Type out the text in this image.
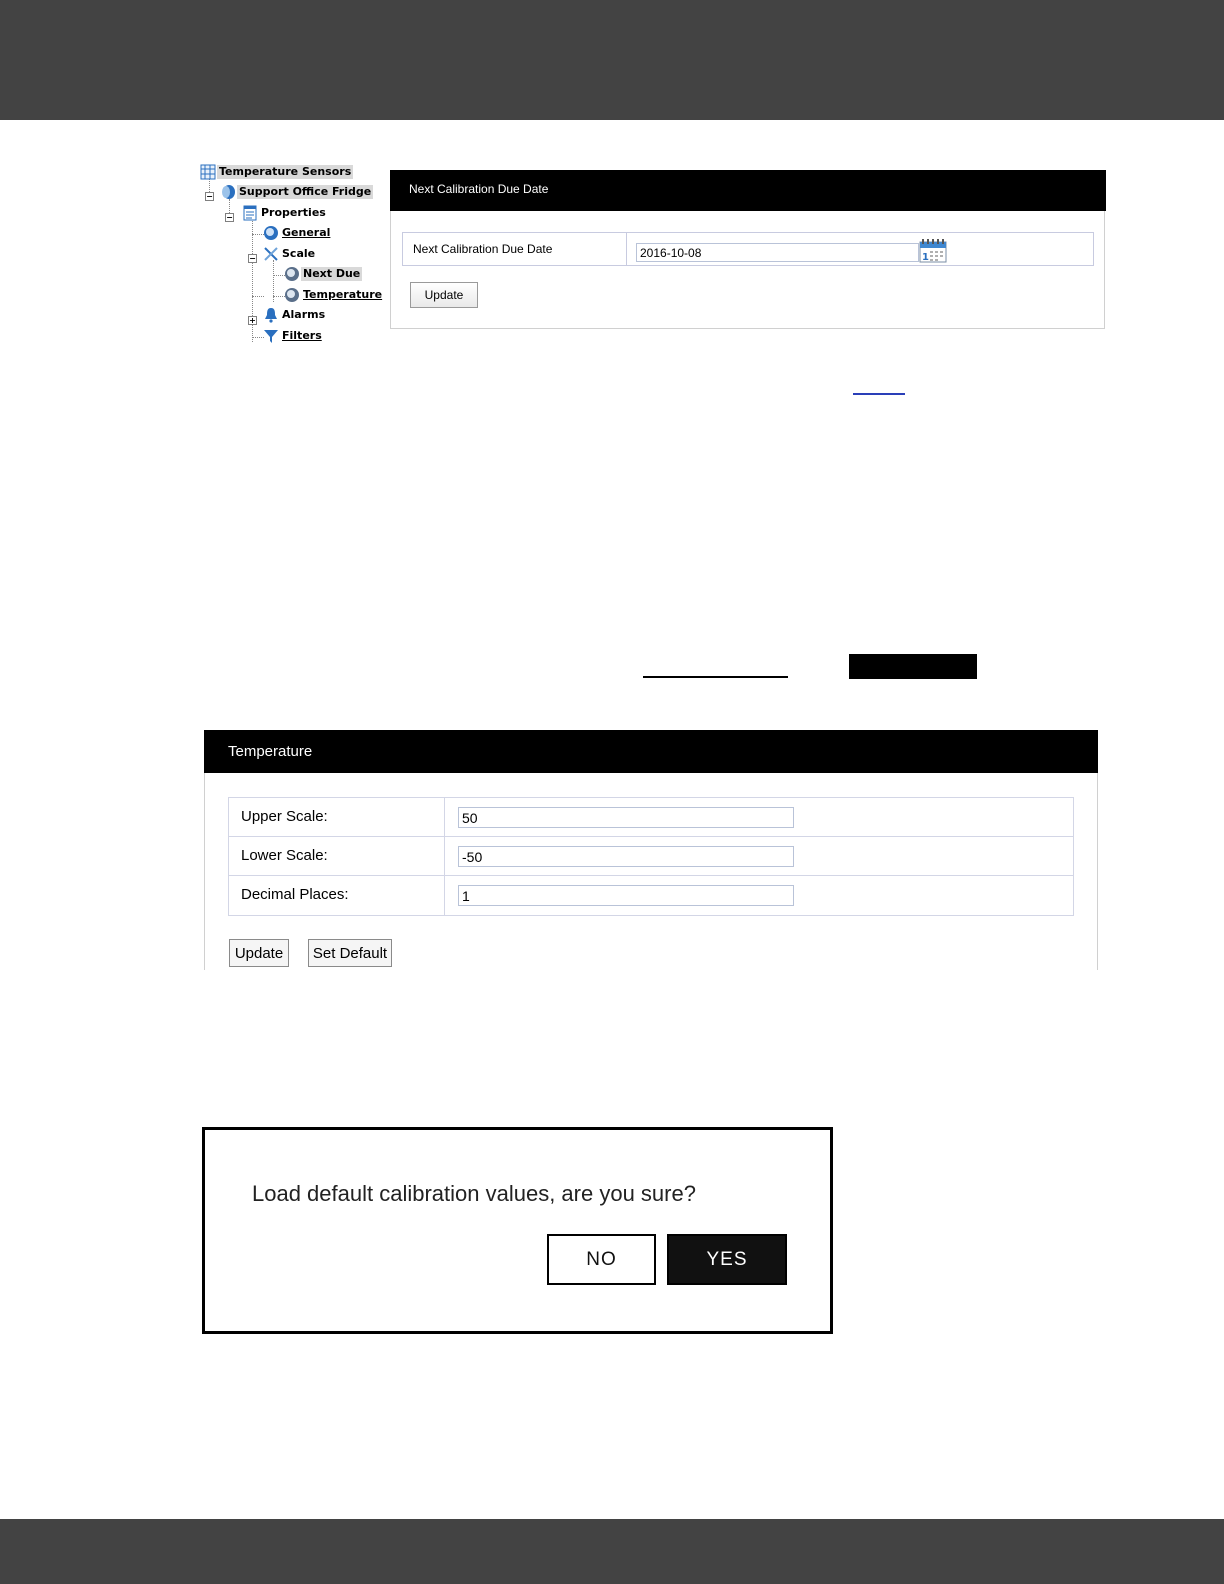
−
−
−
+
Temperature Sensors
Support Office Fridge
Properties
General
Scale
Next Due
Temperature
Alarms
Filters
Next Calibration Due Date
Next Calibration Due Date
2016-10-08
1
Update
Temperature
Upper Scale:
50
Lower Scale:
-50
Decimal Places:
1
Update	Set Default
Load default calibration values, are you sure?
NO	YES
